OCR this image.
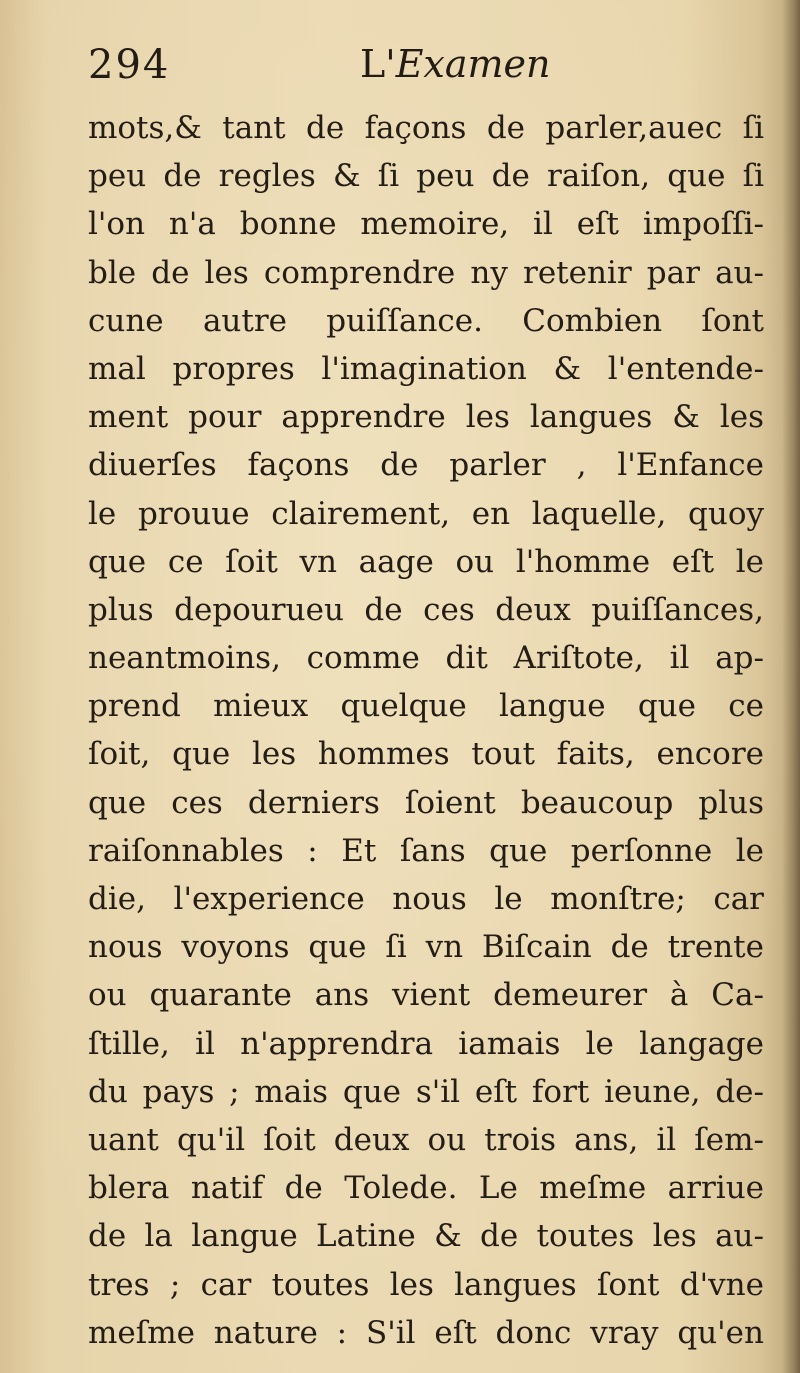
294	L'Examen
mots,& tant de façons de parler,auec ſi
peu de regles & ſi peu de raiſon, que ſi
l'on n'a bonne memoire, il eſt impoſſi-
ble de les comprendre ny retenir par au-
cune autre puiſſance. Combien ſont
mal propres l'imagination & l'entende-
ment pour apprendre les langues & les
diuerſes façons de parler , l'Enfance
le prouue clairement, en laquelle, quoy
que ce ſoit vn aage ou l'homme eſt le
plus depourueu de ces deux puiſſances,
neantmoins, comme dit Ariſtote, il ap-
prend mieux quelque langue que ce
ſoit, que les hommes tout faits, encore
que ces derniers ſoient beaucoup plus
raiſonnables : Et ſans que perſonne le
die, l'experience nous le monſtre; car
nous voyons que ſi vn Biſcain de trente
ou quarante ans vient demeurer à Ca-
ſtille, il n'apprendra iamais le langage
du pays ; mais que s'il eſt fort ieune, de-
uant qu'il ſoit deux ou trois ans, il ſem-
blera natif de Tolede. Le meſme arriue
de la langue Latine & de toutes les au-
tres ; car toutes les langues ſont d'vne
meſme nature : S'il eſt donc vray qu'en
